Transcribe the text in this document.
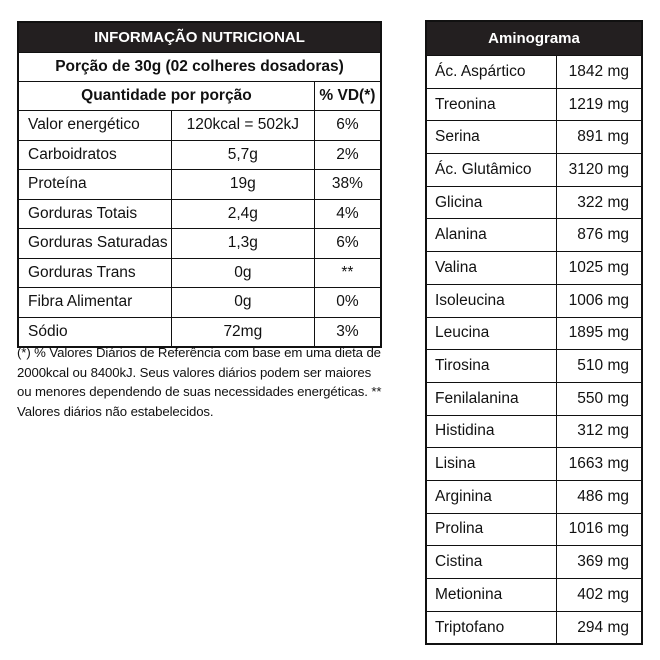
INFORMAÇÃO NUTRICIONAL		
Porção de 30g (02 colheres dosadoras)		
Quantidade por porção		% VD(*)
Valor energético	120kcal = 502kJ	6%
Carboidratos	5,7g	2%
Proteína	19g	38%
Gorduras Totais	2,4g	4%
Gorduras Saturadas	1,3g	6%
Gorduras Trans	0g	**
Fibra Alimentar	0g	0%
Sódio	72mg	3%
(*) % Valores Diários de Referência com base em uma dieta de 2000kcal ou 8400kJ. Seus valores diários podem ser maiores ou menores dependendo de suas necessidades energéticas. ** Valores diários não estabelecidos.
Aminograma	
Ác. Aspártico	1842 mg
Treonina	1219 mg
Serina	891 mg
Ác. Glutâmico	3120 mg
Glicina	322 mg
Alanina	876 mg
Valina	1025 mg
Isoleucina	1006 mg
Leucina	1895 mg
Tirosina	510 mg
Fenilalanina	550 mg
Histidina	312 mg
Lisina	1663 mg
Arginina	486 mg
Prolina	1016 mg
Cistina	369 mg
Metionina	402 mg
Triptofano	294 mg
